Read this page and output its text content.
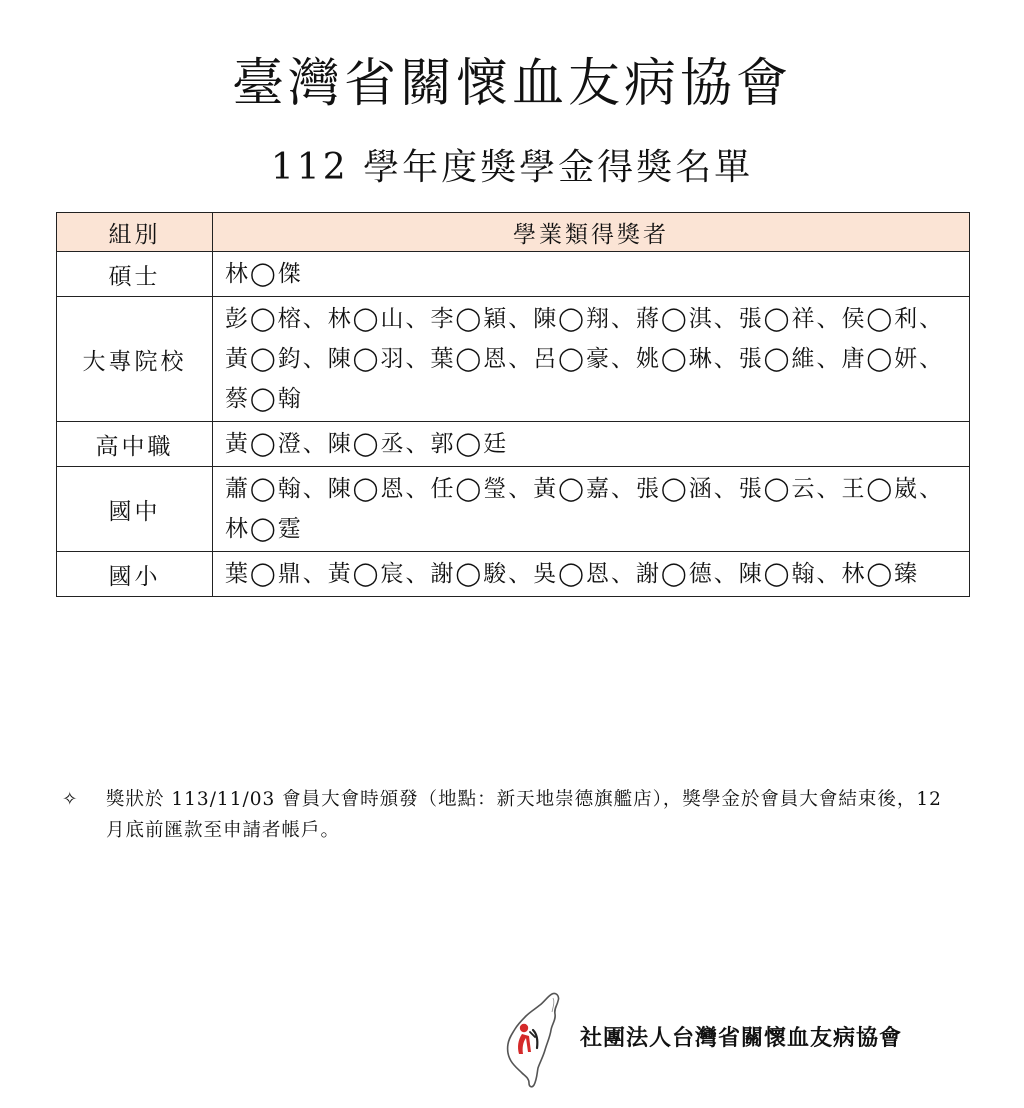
臺灣省關懷血友病協會
112 學年度獎學金得獎名單
組別	學業類得獎者
碩士	林◯傑
大專院校	彭◯榕、林◯山、李◯穎、陳◯翔、蔣◯淇、張◯祥、侯◯利、黃◯鈞、陳◯羽、葉◯恩、呂◯豪、姚◯琳、張◯維、唐◯妍、蔡◯翰
高中職	黃◯澄、陳◯丞、郭◯廷
國中	蕭◯翰、陳◯恩、任◯瑩、黃◯嘉、張◯涵、張◯云、王◯崴、林◯霆
國小	葉◯鼎、黃◯宸、謝◯駿、吳◯恩、謝◯德、陳◯翰、林◯臻
✧	獎狀於 113/11/03 會員大會時頒發（地點：新天地崇德旗艦店），獎學金於會員大會結束後，12 月底前匯款至申請者帳戶。
社團法人台灣省關懷血友病協會
